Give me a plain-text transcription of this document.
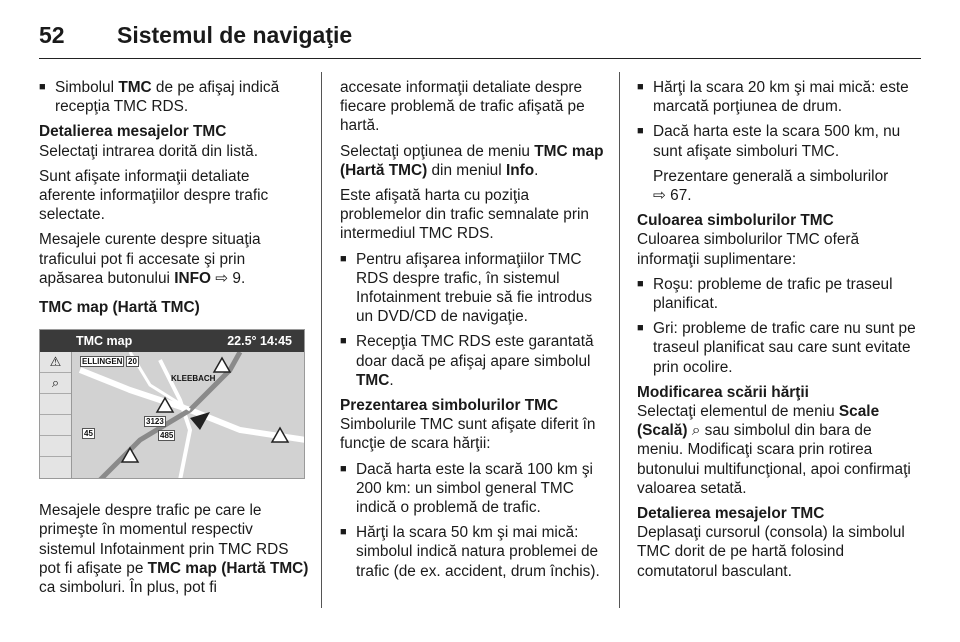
52	Sistemul de navigaţie
■ Simbolul TMC de pe afişaj indică recepţia TMC RDS.
Detalierea mesajelor TMC

Selectaţi intrarea dorită din listă.

Sunt afişate informaţii detaliate aferente informaţiilor despre trafic selectate.

Mesajele curente despre situaţia traficului pot fi accesate şi prin apăsarea butonului INFO ⇨ 9.

TMC map (Hartă TMC)
TMC map	22.5° 14:45
⚠
⌕
ELLINGEN 20
KLEEBACH
3123
45	485

Mesajele despre trafic pe care le primeşte în momentul respectiv sistemul Infotainment prin TMC RDS pot fi afişate pe TMC map (Hartă TMC) ca simboluri. În plus, pot fi

accesate informaţii detaliate despre fiecare problemă de trafic afişată pe hartă.

Selectaţi opţiunea de meniu TMC map (Hartă TMC) din meniul Info.

Este afişată harta cu poziţia problemelor din trafic semnalate prin intermediul TMC RDS.

■ Pentru afişarea informaţiilor TMC RDS despre trafic, în sistemul Infotainment trebuie să fie introdus un DVD/CD de navigaţie.
■ Recepţia TMC RDS este garantată doar dacă pe afişaj apare simbolul TMC.
Prezentarea simbolurilor TMC

Simbolurile TMC sunt afişate diferit în funcţie de scara hărţii:

■ Dacă harta este la scară 100 km şi 200 km: un simbol general TMC indică o problemă de trafic.
■ Hărţi la scara 50 km şi mai mică: simbolul indică natura problemei de trafic (de ex. accident, drum închis).
■ Hărţi la scara 20 km şi mai mică: este marcată porţiunea de drum.
■ Dacă harta este la scara 500 km, nu sunt afişate simboluri TMC.

Prezentare generală a simbolurilor
⇨ 67.

Culoarea simbolurilor TMC

Culoarea simbolurilor TMC oferă informaţii suplimentare:

■ Roşu: probleme de trafic pe traseul planificat.
■ Gri: probleme de trafic care nu sunt pe traseul planificat sau care sunt evitate prin ocolire.
Modificarea scării hărţii

Selectaţi elementul de meniu Scale (Scală) ⌕ sau simbolul din bara de meniu. Modificaţi scara prin rotirea butonului multifuncţional, apoi confirmaţi valoarea setată.

Detalierea mesajelor TMC

Deplasaţi cursorul (consola) la simbolul TMC dorit de pe hartă folosind comutatorul basculant.
